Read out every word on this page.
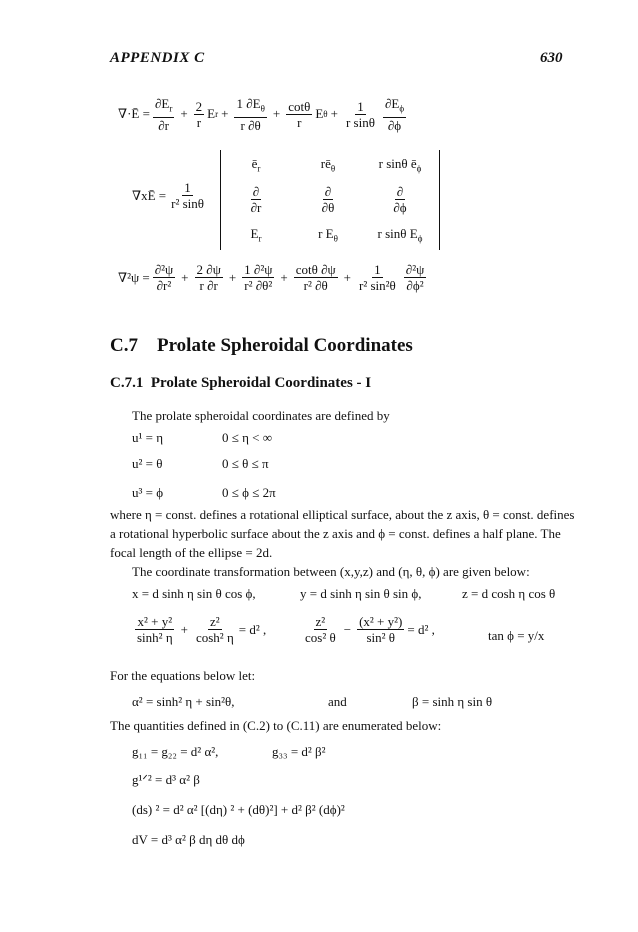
APPENDIX C	630
∇·Ē = $\frac{\partial E_r}{\partial r} + \frac{2}{r}$ E $r + \frac{1 \partial E_\theta}{r \partial\theta} + \frac{\cot\theta}{r}$ E $\theta + \frac{1}{\text{r sinθ}} \frac{\partial E_\phi}{\partial\phi}$
∇xĒ = $\frac{1}{\text{r² sinθ}}$
$ē_r$	$rē_\theta$	r sinθ $ē_\phi$
$\frac{\partial}{\partial r}$	$\frac{\partial}{\partial\theta}$	$\frac{\partial}{\partial\phi}$
$E_r$	r $E_\theta$	r sinθ $E_\phi$
$\nabla^2\psi = \frac{\text{∂²ψ}}{\text{∂r²}} + \frac{2 \partial\psi}{r \partial r} + \frac{\text{1 ∂²ψ}}{\text{r² ∂θ²}} + \frac{\cot\theta \partial\psi}{\text{r² ∂θ}} + \frac{1}{\text{r² sin²θ}} \frac{\text{∂²ψ}}{\text{∂ϕ²}}$
C.7 Prolate Spheroidal Coordinates
C.7.1 Prolate Spheroidal Coordinates - I
The prolate spheroidal coordinates are defined by
u¹ = η	0 ≤ η < ∞
u² = θ	0 ≤ θ ≤ π
u³ = ϕ	0 ≤ ϕ ≤ 2π
where η = const. defines a rotational elliptical surface, about the z axis, θ = const. defines
a rotational hyperbolic surface about the z axis and ϕ = const. defines a half plane. The
focal length of the ellipse = 2d.
The coordinate transformation between (x,y,z) and (η, θ, ϕ) are given below:
x = d sinh η sin θ cos ϕ,	y = d sinh η sin θ sin ϕ,	z = d cosh η cos θ
$\frac{\text{x² + y²}}{\text{sinh² η}} + \frac{\text{z²}}{\text{cosh² η}} = d^2$ ,	$\frac{\text{z²}}{\text{cos² θ}} - \frac{\text{(x² + y²)}}{\text{sin² θ}} = d^2$ ,	tan ϕ = y/x
For the equations below let:
α² = sinh² η + sin²θ,	and	β = sinh η sin θ
The quantities defined in (C.2) to (C.11) are enumerated below:
g₁₁ = g₂₂ = d² α²,	g₃₃ = d² β²
g¹ᐟ² = d³ α² β
(ds) ² = d² α² [(dη) ² + (dθ)²] + d² β² (dϕ)²
dV = d³ α² β dη dθ dϕ
